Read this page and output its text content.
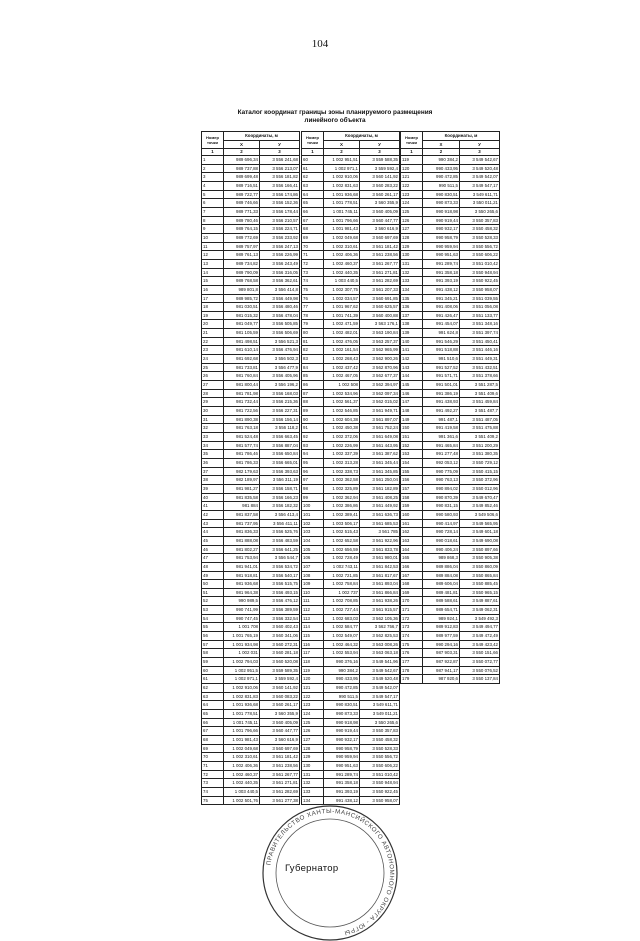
104
Каталог координат границы зоны планируемого размещения
линейного объекта
Номер точки	Координаты, м	
	X	У
1	2	3
1	989 696,34	3 556 241,68
2	989 737,88	3 556 213,07
3	989 699,48	3 556 181,82
4	989 716,51	3 556 166,41
5	989 722,77	3 556 174,86
6	989 746,66	3 556 152,36
7	989 771,33	3 556 178,44
8	989 780,46	3 556 210,57
9	989 764,15	3 556 224,71
10	989 772,69	3 556 233,92
11	989 757,97	3 556 247,13
12	989 761,13	3 556 226,99
13	989 734,82	3 556 243,49
14	989 790,09	3 556 316,05
15	989 768,58	3 556 362,61
16	989 801,8	3 556 414,8
17	989 985,72	3 556 449,98
18	981 030,51	3 556 480,46
19	981 015,32	3 556 478,04
20	981 049,77	3 556 505,85
21	981 105,59	3 556 506,69
22	981 498,51	3 556 521,3
23	981 610,14	3 556 476,94
24	981 692,68	3 556 502,3
25	981 733,81	3 556 477,9
26	981 760,84	3 556 405,96
27	981 800,44	3 556 196,2
28	981 781,98	3 556 168,03
29	981 732,44	3 556 215,36
30	981 722,56	3 556 227,31
31	981 890,38	3 556 156,14
32	981 763,18	3 556 118,2
33	981 524,48	3 556 663,45
34	981 577,74	3 556 887,04
35	981 786,46	3 556 650,84
36	981 786,33	3 556 665,01
37	982 179,63	3 556 393,63
38	982 189,97	3 556 311,19
39	981 981,27	3 556 158,71
40	981 835,58	3 556 166,23
41	981 884	3 556 182,32
42	981 837,58	3 556 413,4
43	981 737,95	3 556 411,11
44	981 836,33	3 556 525,76
45	981 888,08	3 556 483,59
46	981 802,27	3 556 641,25
47	981 753,94	3 556 544,7
48	981 941,01	3 556 534,72
49	981 918,81	3 556 540,17
50	981 936,68	3 556 515,75
51	981 964,38	3 556 493,15
52	990 989,5	3 556 476,12
53	990 741,99	3 556 389,59
54	990 747,45	3 556 332,54
55	1 001 708	3 560 402,43
56	1 001 765,19	3 560 341,06
57	1 001 934,98	3 560 272,31
58	1 002 031	3 560 281,18
59	1 002 794,03	3 560 520,08
60	1 002 951,5	3 559 589,35
61	1 002 971,1	3 559 592,4
62	1 002 910,06	3 560 141,92
63	1 002 831,83	3 560 083,22
64	1 001 936,68	3 560 261,17
65	1 001 778,51	3 560 355,9
66	1 001 745,11	3 560 405,09
67	1 001 796,66	3 560 447,77
68	1 001 981,43	3 560 616,9
69	1 002 049,68	3 560 697,69
70	1 002 310,61	3 561 181,42
71	1 002 406,36	3 561 238,56
72	1 002 460,37	3 561 267,77
73	1 002 440,35	3 561 271,81
74	1 003 440,5	3 561 282,69
75	1 002 501,76	3 561 277,38
Номер точки	Координаты, м	
	X	У
1	2	3
60	1 002 951,51	3 559 588,35
61	1 002 971,1	3 559 592,4
62	1 002 910,06	3 560 141,92
63	1 002 831,63	3 560 283,22
64	1 001 936,68	3 560 261,17
65	1 001 778,51	3 560 355,9
66	1 001 745,11	3 560 405,09
67	1 001 796,66	3 560 447,77
68	1 001 981,43	3 560 616,9
69	1 002 049,68	3 560 697,69
70	1 002 310,61	3 561 181,42
71	1 002 406,36	3 561 238,56
72	1 002 460,37	3 561 267,77
73	1 002 440,35	3 561 271,81
74	1 003 440,5	3 561 282,69
75	1 002 307,75	3 561 207,33
76	1 002 034,57	3 560 691,85
77	1 001 967,62	3 560 625,57
78	1 001 741,39	3 560 400,88
79	1 002 471,59	3 563 176,1
80	1 002 482,01	3 563 190,84
81	1 002 476,05	3 563 257,37
82	1 002 161,54	3 562 965,99
83	1 002 268,43	3 562 900,26
84	1 002 437,42	3 562 870,96
85	1 002 467,05	3 562 677,37
86	1 002 508	3 562 394,97
87	1 002 534,96	3 562 097,34
88	1 002 561,37	3 562 015,02
89	1 002 546,85	3 561 949,71
90	1 002 604,38	3 561 897,07
91	1 002 450,38	3 561 752,24
92	1 002 372,06	3 561 649,08
93	1 002 226,99	3 561 443,95
94	1 002 337,39	3 561 387,62
95	1 002 313,28	3 561 345,44
96	1 002 338,73	3 561 345,85
97	1 002 362,58	3 561 250,04
98	1 002 325,89	3 561 182,89
99	1 002 362,94	3 561 408,25
100	1 002 386,86	3 561 449,92
101	1 002 389,41	3 561 636,73
102	1 003 506,17	3 561 685,53
103	1 002 515,43	3 561 785
104	1 002 652,58	3 561 922,96
105	1 002 656,59	3 561 833,78
106	1 002 728,49	3 561 980,01
107	1 002 743,11	3 561 842,53
108	1 002 721,85	3 561 817,67
109	1 002 758,84	3 561 893,04
110	1 002 737	3 561 866,84
111	1 002 708,85	3 561 938,26
112	1 002 727,44	3 561 915,57
113	1 002 683,03	3 562 105,36
114	1 002 584,77	3 562 756,7
115	1 002 549,07	3 562 825,53
116	1 002 464,32	3 563 008,26
117	1 002 553,94	3 563 063,18
118	990 376,16	3 549 541,96
119	990 384,2	3 549 542,67
120	990 433,95	3 549 520,48
121	990 472,85	3 549 542,07
122	990 511,5	3 549 547,17
123	990 830,51	3 549 611,71
124	990 873,33	3 549 011,21
125	990 918,98	3 550 265,6
126	990 919,44	3 550 357,83
127	990 932,17	3 550 458,32
128	990 958,79	3 550 528,33
129	990 959,94	3 550 556,72
130	990 951,63	3 550 606,22
131	991 289,74	3 551 010,42
132	991 358,18	3 550 948,94
133	991 393,19	3 550 922,45
134	991 438,12	3 550 958,07
Номер точки	Координаты, м	
	X	У
1	2	3
119	990 384,2	3 549 542,67
120	990 433,95	3 549 520,48
121	990 472,85	3 549 542,07
122	990 511,5	3 549 547,17
123	990 830,51	3 549 611,71
124	990 873,33	3 550 011,21
125	990 918,98	3 550 265,6
126	990 919,44	3 550 357,83
127	990 932,17	3 550 458,32
128	990 958,79	3 550 528,33
129	990 959,94	3 550 556,72
130	990 951,63	3 550 606,22
131	991 289,74	3 551 010,42
132	991 358,18	3 550 948,94
133	991 393,19	3 550 922,45
134	991 438,12	3 550 958,07
135	991 345,21	3 551 039,55
136	991 408,06	3 551 056,08
137	991 426,47	3 551 133,77
138	991 454,07	3 551 348,16
139	991 624,8	3 551 397,74
140	991 546,29	3 551 450,41
141	991 518,88	3 551 446,16
142	991 510,6	3 551 449,31
143	991 527,52	3 551 432,51
144	991 571,71	3 551 378,66
145	991 501,01	3 551 287,5
146	991 386,19	3 551 409,6
147	991 438,93	3 551 459,84
148	991 492,27	3 551 487,7
149	991 487,1	3 551 487,05
150	991 419,58	3 551 475,88
151	991 361,6	3 551 409,2
152	991 465,84	3 551 200,29
153	991 277,48	3 551 380,35
154	992 053,12	3 550 729,12
155	990 775,09	3 550 415,15
156	990 763,13	3 550 372,96
157	990 894,02	3 550 012,96
158	990 870,39	3 549 670,47
159	990 831,15	3 549 852,46
160	990 580,93	3 549 506,6
161	990 414,97	3 549 565,95
162	990 728,14	3 549 601,18
163	990 018,61	3 549 690,08
164	990 406,24	3 550 897,66
165	989 868,3	3 550 905,38
166	989 886,04	3 550 860,09
167	989 884,08	3 550 865,84
168	989 606,04	3 550 885,45
169	989 481,81	3 550 965,15
170	989 588,61	3 549 887,61
171	989 654,71	3 549 062,31
172	989 924,1	3 549 492,3
173	989 912,83	3 549 494,77
174	989 977,59	3 549 472,49
175	990 294,16	3 549 423,42
176	987 903,31	3 550 151,66
177	987 922,87	3 550 072,77
178	987 941,17	3 550 076,52
179	987 920,6	3 550 137,84
ПРАВИТЕЛЬСТВО ХАНТЫ-МАНСИЙСКОГО АВТОНОМНОГО ОКРУГА - ЮГРЫ
Губернатор
